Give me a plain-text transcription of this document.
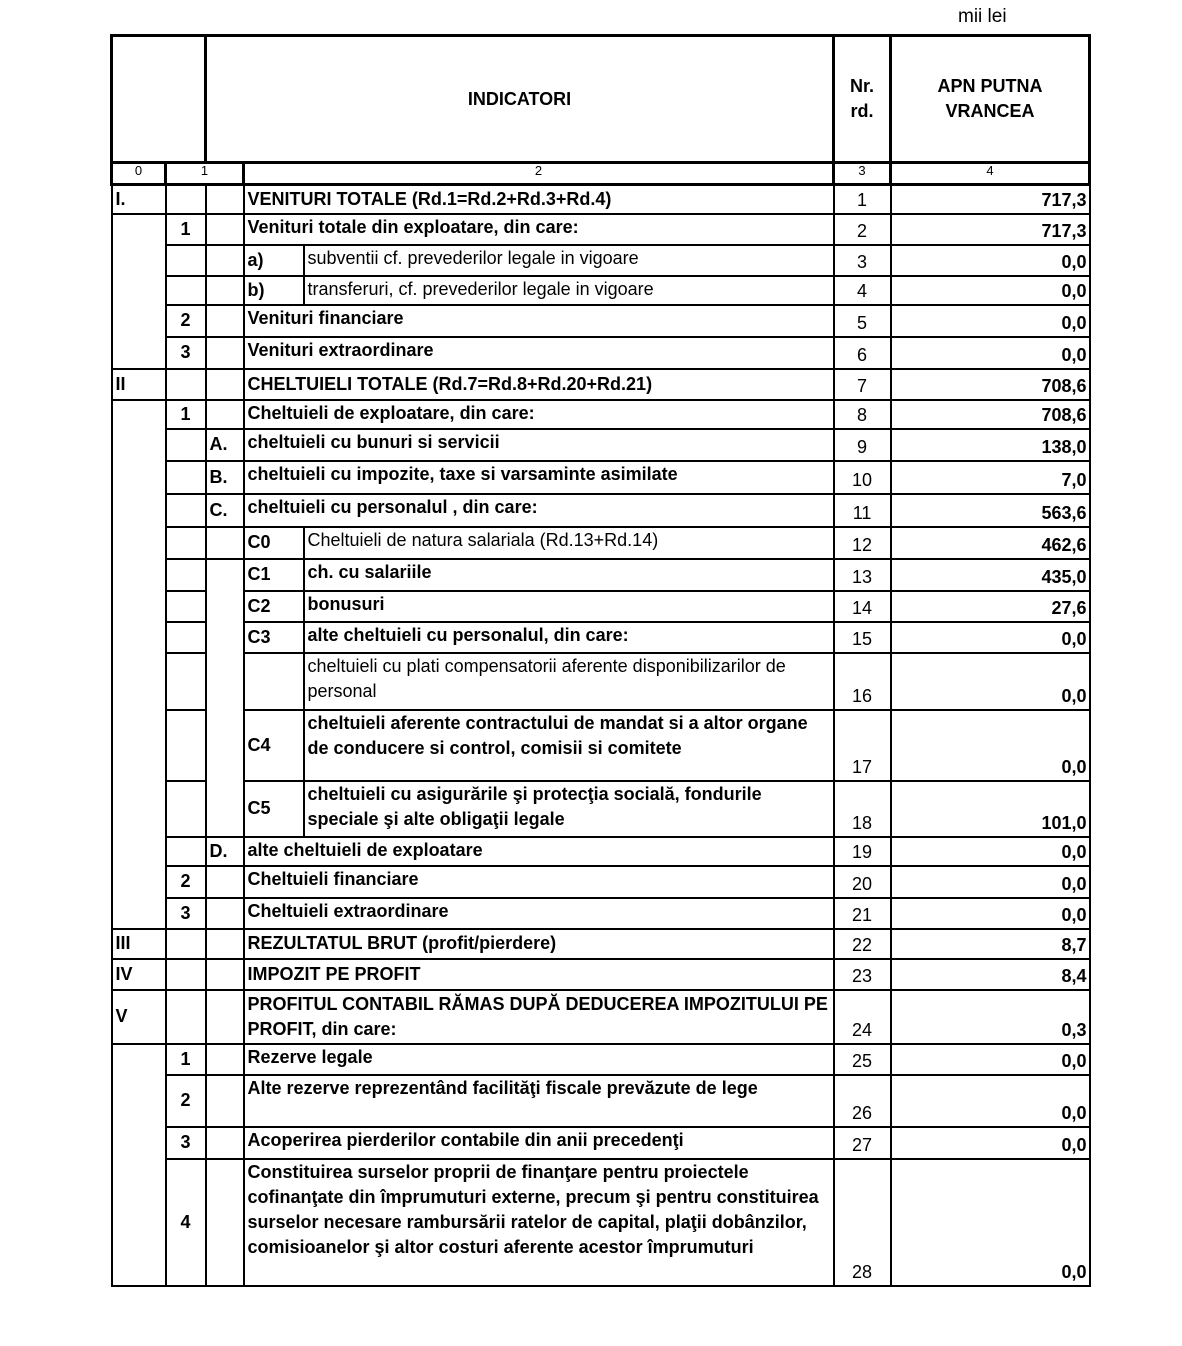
mii lei
		INDICATORI			Nr.
rd.	APN PUTNA
VRANCEA
0	1		2		3	4
I.			VENITURI TOTALE (Rd.1=Rd.2+Rd.3+Rd.4)		1	717,3
	1		Venituri totale din exploatare, din care:		2	717,3
			a)	subventii cf. prevederilor legale in vigoare	3	0,0
			b)	transferuri, cf. prevederilor legale in vigoare	4	0,0
	2		Venituri financiare		5	0,0
	3		Venituri extraordinare		6	0,0
II			CHELTUIELI TOTALE (Rd.7=Rd.8+Rd.20+Rd.21)		7	708,6
	1		Cheltuieli de exploatare, din care:		8	708,6
		A.	cheltuieli cu bunuri si servicii		9	138,0
		B.	cheltuieli cu impozite, taxe si varsaminte asimilate		10	7,0
		C.	cheltuieli cu personalul , din care:		11	563,6
			C0	Cheltuieli de natura salariala (Rd.13+Rd.14)	12	462,6
			C1	ch. cu salariile	13	435,0
			C2	bonusuri	14	27,6
			C3	alte cheltuieli cu personalul, din care:	15	0,0
				cheltuieli cu plati compensatorii aferente disponibilizarilor de personal	16	0,0
			C4	cheltuieli aferente contractului de mandat si a altor organe de conducere si control, comisii si comitete	17	0,0
			C5	cheltuieli cu asigurările şi protecţia socială, fondurile speciale şi alte obligaţii legale	18	101,0
		D.	alte cheltuieli de exploatare		19	0,0
	2		Cheltuieli financiare		20	0,0
	3		Cheltuieli extraordinare		21	0,0
III			REZULTATUL BRUT (profit/pierdere)		22	8,7
IV			IMPOZIT PE PROFIT		23	8,4
V			PROFITUL CONTABIL RĂMAS DUPĂ DEDUCEREA IMPOZITULUI PE PROFIT, din care:		24	0,3
	1		Rezerve legale		25	0,0
	2		Alte rezerve reprezentând facilităţi fiscale prevăzute de lege		26	0,0
	3		Acoperirea pierderilor contabile din anii precedenţi		27	0,0
	4		Constituirea surselor proprii de finanţare pentru proiectele cofinanţate din împrumuturi externe, precum şi pentru constituirea surselor necesare rambursării ratelor de capital, plaţii dobânzilor, comisioanelor şi altor costuri aferente acestor împrumuturi		28	0,0
